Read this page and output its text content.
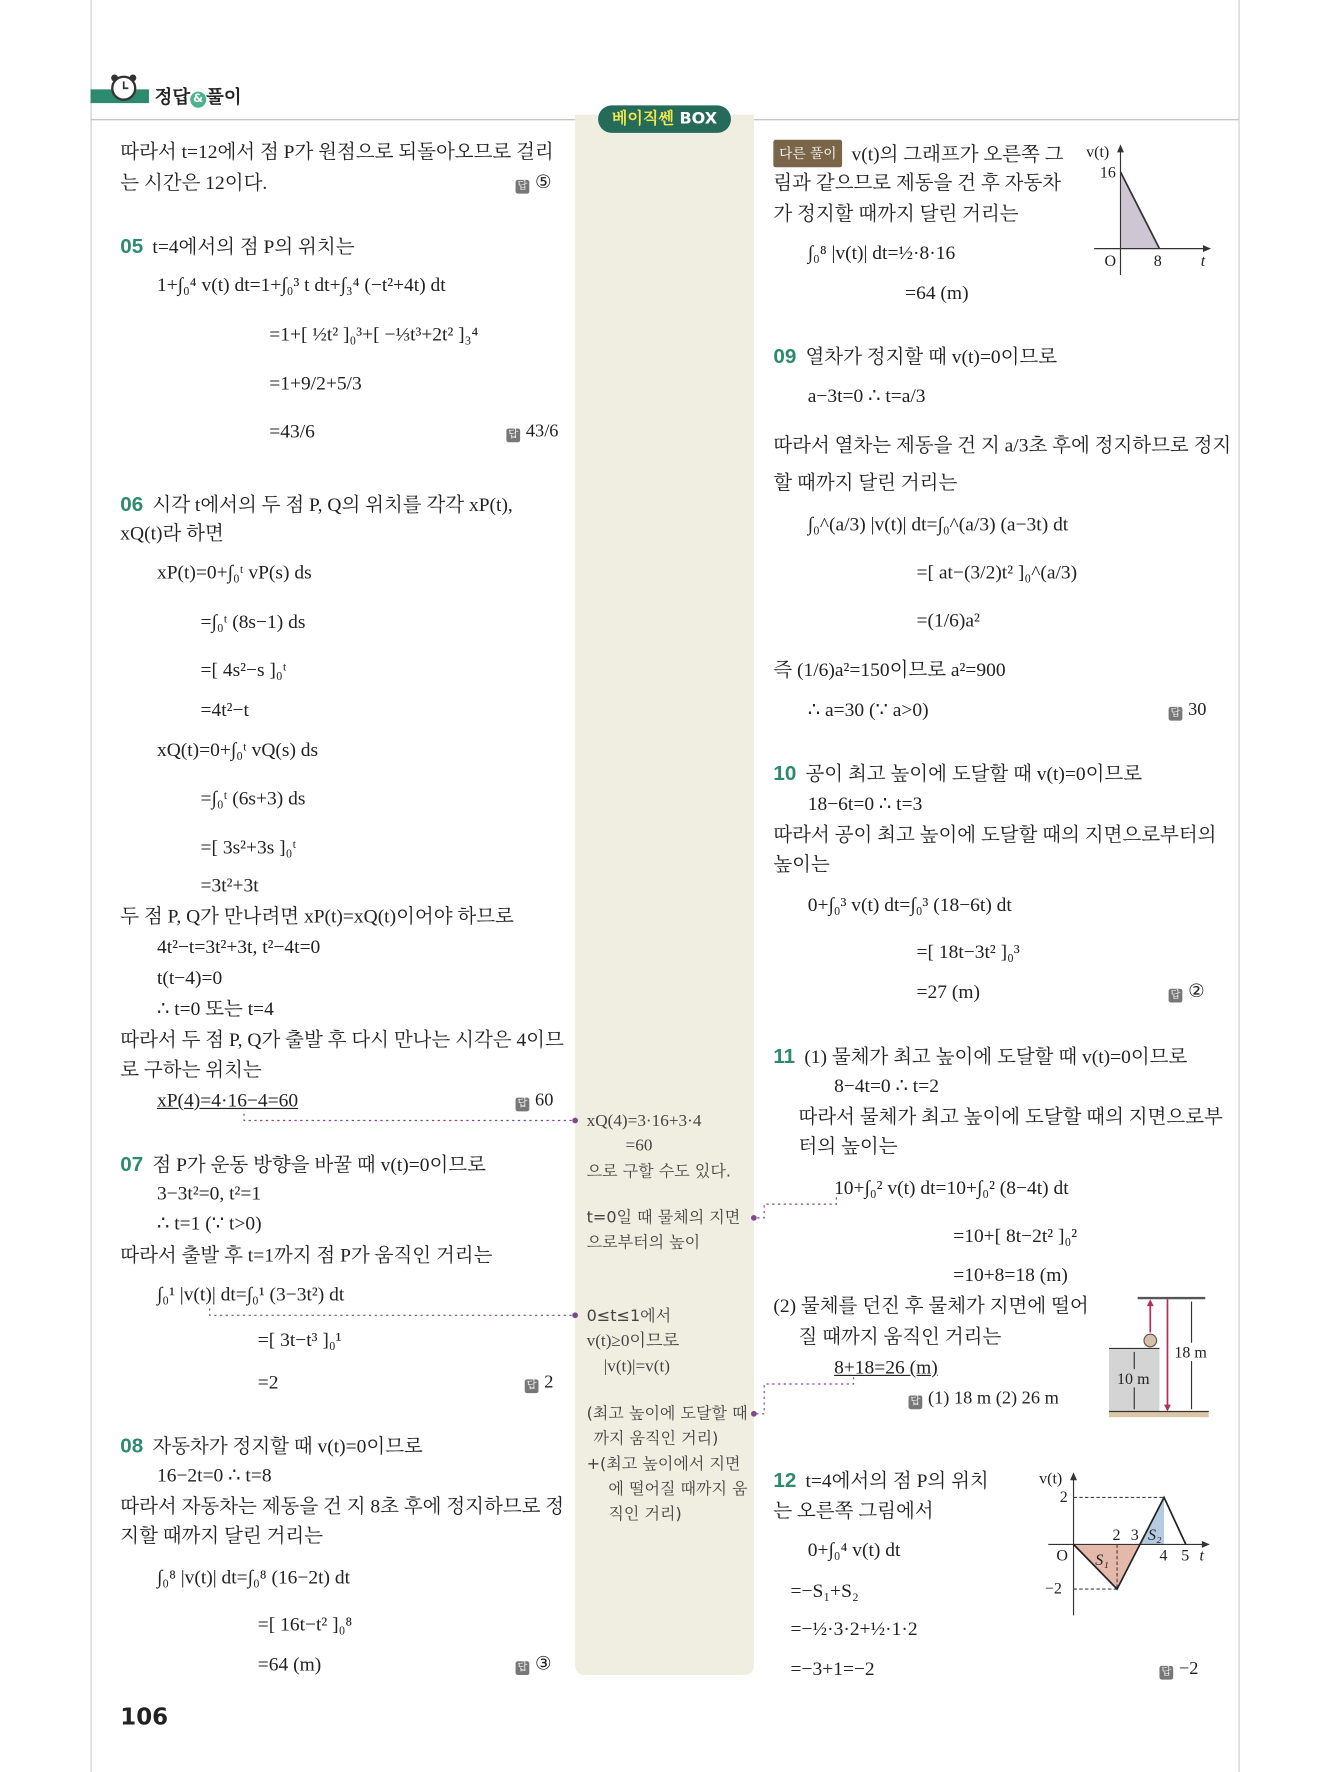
정답 & 풀이
베이직쎈 BOX
따라서 t=12에서 점 P가 원점으로 되돌아오므로 걸리
는 시간은 12이다.	답 ⑤
05 t=4에서의 점 P의 위치는
1+∫₀⁴ v(t) dt=1+∫₀³ t dt+∫₃⁴ (−t²+4t) dt
=1+[ ½t² ]₀³+[ −⅓t³+2t² ]₃⁴
=1+9/2+5/3
=43/6	답 43/6
06 시각 t에서의 두 점 P, Q의 위치를 각각 xP(t),
xQ(t)라 하면
xP(t)=0+∫₀ᵗ vP(s) ds
=∫₀ᵗ (8s−1) ds
=[ 4s²−s ]₀ᵗ
=4t²−t
xQ(t)=0+∫₀ᵗ vQ(s) ds
=∫₀ᵗ (6s+3) ds
=[ 3s²+3s ]₀ᵗ
=3t²+3t
두 점 P, Q가 만나려면 xP(t)=xQ(t)이어야 하므로
4t²−t=3t²+3t, t²−4t=0
t(t−4)=0
∴ t=0 또는 t=4
따라서 두 점 P, Q가 출발 후 다시 만나는 시각은 4이므
로 구하는 위치는
xP(4)=4·16−4=60	답 60
07 점 P가 운동 방향을 바꿀 때 v(t)=0이므로
3−3t²=0, t²=1
∴ t=1 (∵ t>0)
따라서 출발 후 t=1까지 점 P가 움직인 거리는
∫₀¹ |v(t)| dt=∫₀¹ (3−3t²) dt
=[ 3t−t³ ]₀¹
=2	답 2
08 자동차가 정지할 때 v(t)=0이므로
16−2t=0 ∴ t=8
따라서 자동차는 제동을 건 지 8초 후에 정지하므로 정
지할 때까지 달린 거리는
∫₀⁸ |v(t)| dt=∫₀⁸ (16−2t) dt
=[ 16t−t² ]₀⁸
=64 (m)	답 ③
106
xQ(4)=3·16+3·4
=60
으로 구할 수도 있다.
t=0일 때 물체의 지면
으로부터의 높이
0≤t≤1에서
v(t)≥0이므로
|v(t)|=v(t)
(최고 높이에 도달할 때
까지 움직인 거리)
+(최고 높이에서 지면
에 떨어질 때까지 움
직인 거리)
다른 풀이 v(t)의 그래프가 오른쪽 그
림과 같으므로 제동을 건 후 자동차
가 정지할 때까지 달린 거리는
∫₀⁸ |v(t)| dt=½·8·16
=64 (m)
v(t)
16
O	8	t
09 열차가 정지할 때 v(t)=0이므로
a−3t=0 ∴ t=a/3
따라서 열차는 제동을 건 지 a/3초 후에 정지하므로 정지
할 때까지 달린 거리는
∫₀^(a/3) |v(t)| dt=∫₀^(a/3) (a−3t) dt
=[ at−(3/2)t² ]₀^(a/3)
=(1/6)a²
즉 (1/6)a²=150이므로 a²=900
∴ a=30 (∵ a>0)	답 30
10 공이 최고 높이에 도달할 때 v(t)=0이므로
18−6t=0 ∴ t=3
따라서 공이 최고 높이에 도달할 때의 지면으로부터의
높이는
0+∫₀³ v(t) dt=∫₀³ (18−6t) dt
=[ 18t−3t² ]₀³
=27 (m)	답 ②
11 (1) 물체가 최고 높이에 도달할 때 v(t)=0이므로
8−4t=0 ∴ t=2
따라서 물체가 최고 높이에 도달할 때의 지면으로부
터의 높이는
10+∫₀² v(t) dt=10+∫₀² (8−4t) dt
=10+[ 8t−2t² ]₀²
=10+8=18 (m)
(2) 물체를 던진 후 물체가 지면에 떨어
질 때까지 움직인 거리는
8+18=26 (m)
답 (1) 18 m (2) 26 m
18 m
10 m
12 t=4에서의 점 P의 위치
는 오른쪽 그림에서
0+∫₀⁴ v(t) dt
=−S₁+S₂
=−½·3·2+½·1·2
=−3+1=−2	답 −2
v(t)
2
−2
O
2 3
4 5 t
S₁
S₂
